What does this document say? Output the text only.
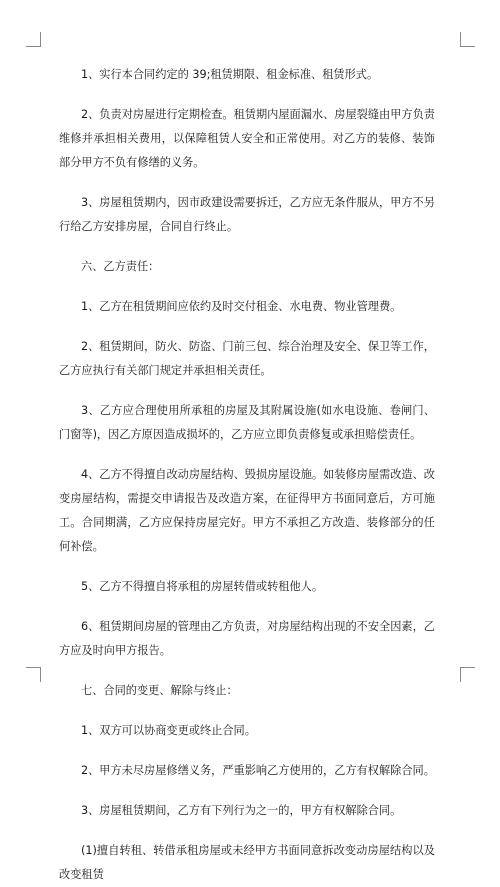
1、实行本合同约定的 39;租赁期限、租金标准、租赁形式。

2、负责对房屋进行定期检查。租赁期内屋面漏水、房屋裂缝由甲方负责维修并承担相关费用，以保障租赁人安全和正常使用。对乙方的装修、装饰部分甲方不负有修缮的义务。

3、房屋租赁期内，因市政建设需要拆迁，乙方应无条件服从，甲方不另行给乙方安排房屋，合同自行终止。

六、乙方责任：

1、乙方在租赁期间应依约及时交付租金、水电费、物业管理费。

2、租赁期间，防火、防盗、门前三包、综合治理及安全、保卫等工作，乙方应执行有关部门规定并承担相关责任。

3、乙方应合理使用所承租的房屋及其附属设施(如水电设施、卷闸门、门窗等)，因乙方原因造成损坏的，乙方应立即负责修复或承担赔偿责任。

4、乙方不得擅自改动房屋结构、毁损房屋设施。如装修房屋需改造、改变房屋结构，需提交申请报告及改造方案，在征得甲方书面同意后，方可施工。合同期满，乙方应保持房屋完好。甲方不承担乙方改造、装修部分的任何补偿。

5、乙方不得擅自将承租的房屋转借或转租他人。

6、租赁期间房屋的管理由乙方负责，对房屋结构出现的不安全因素，乙方应及时向甲方报告。

七、合同的变更、解除与终止：

1、双方可以协商变更或终止合同。

2、甲方未尽房屋修缮义务，严重影响乙方使用的，乙方有权解除合同。

3、房屋租赁期间，乙方有下列行为之一的，甲方有权解除合同。

(1)擅自转租、转借承租房屋或未经甲方书面同意拆改变动房屋结构以及改变租赁
